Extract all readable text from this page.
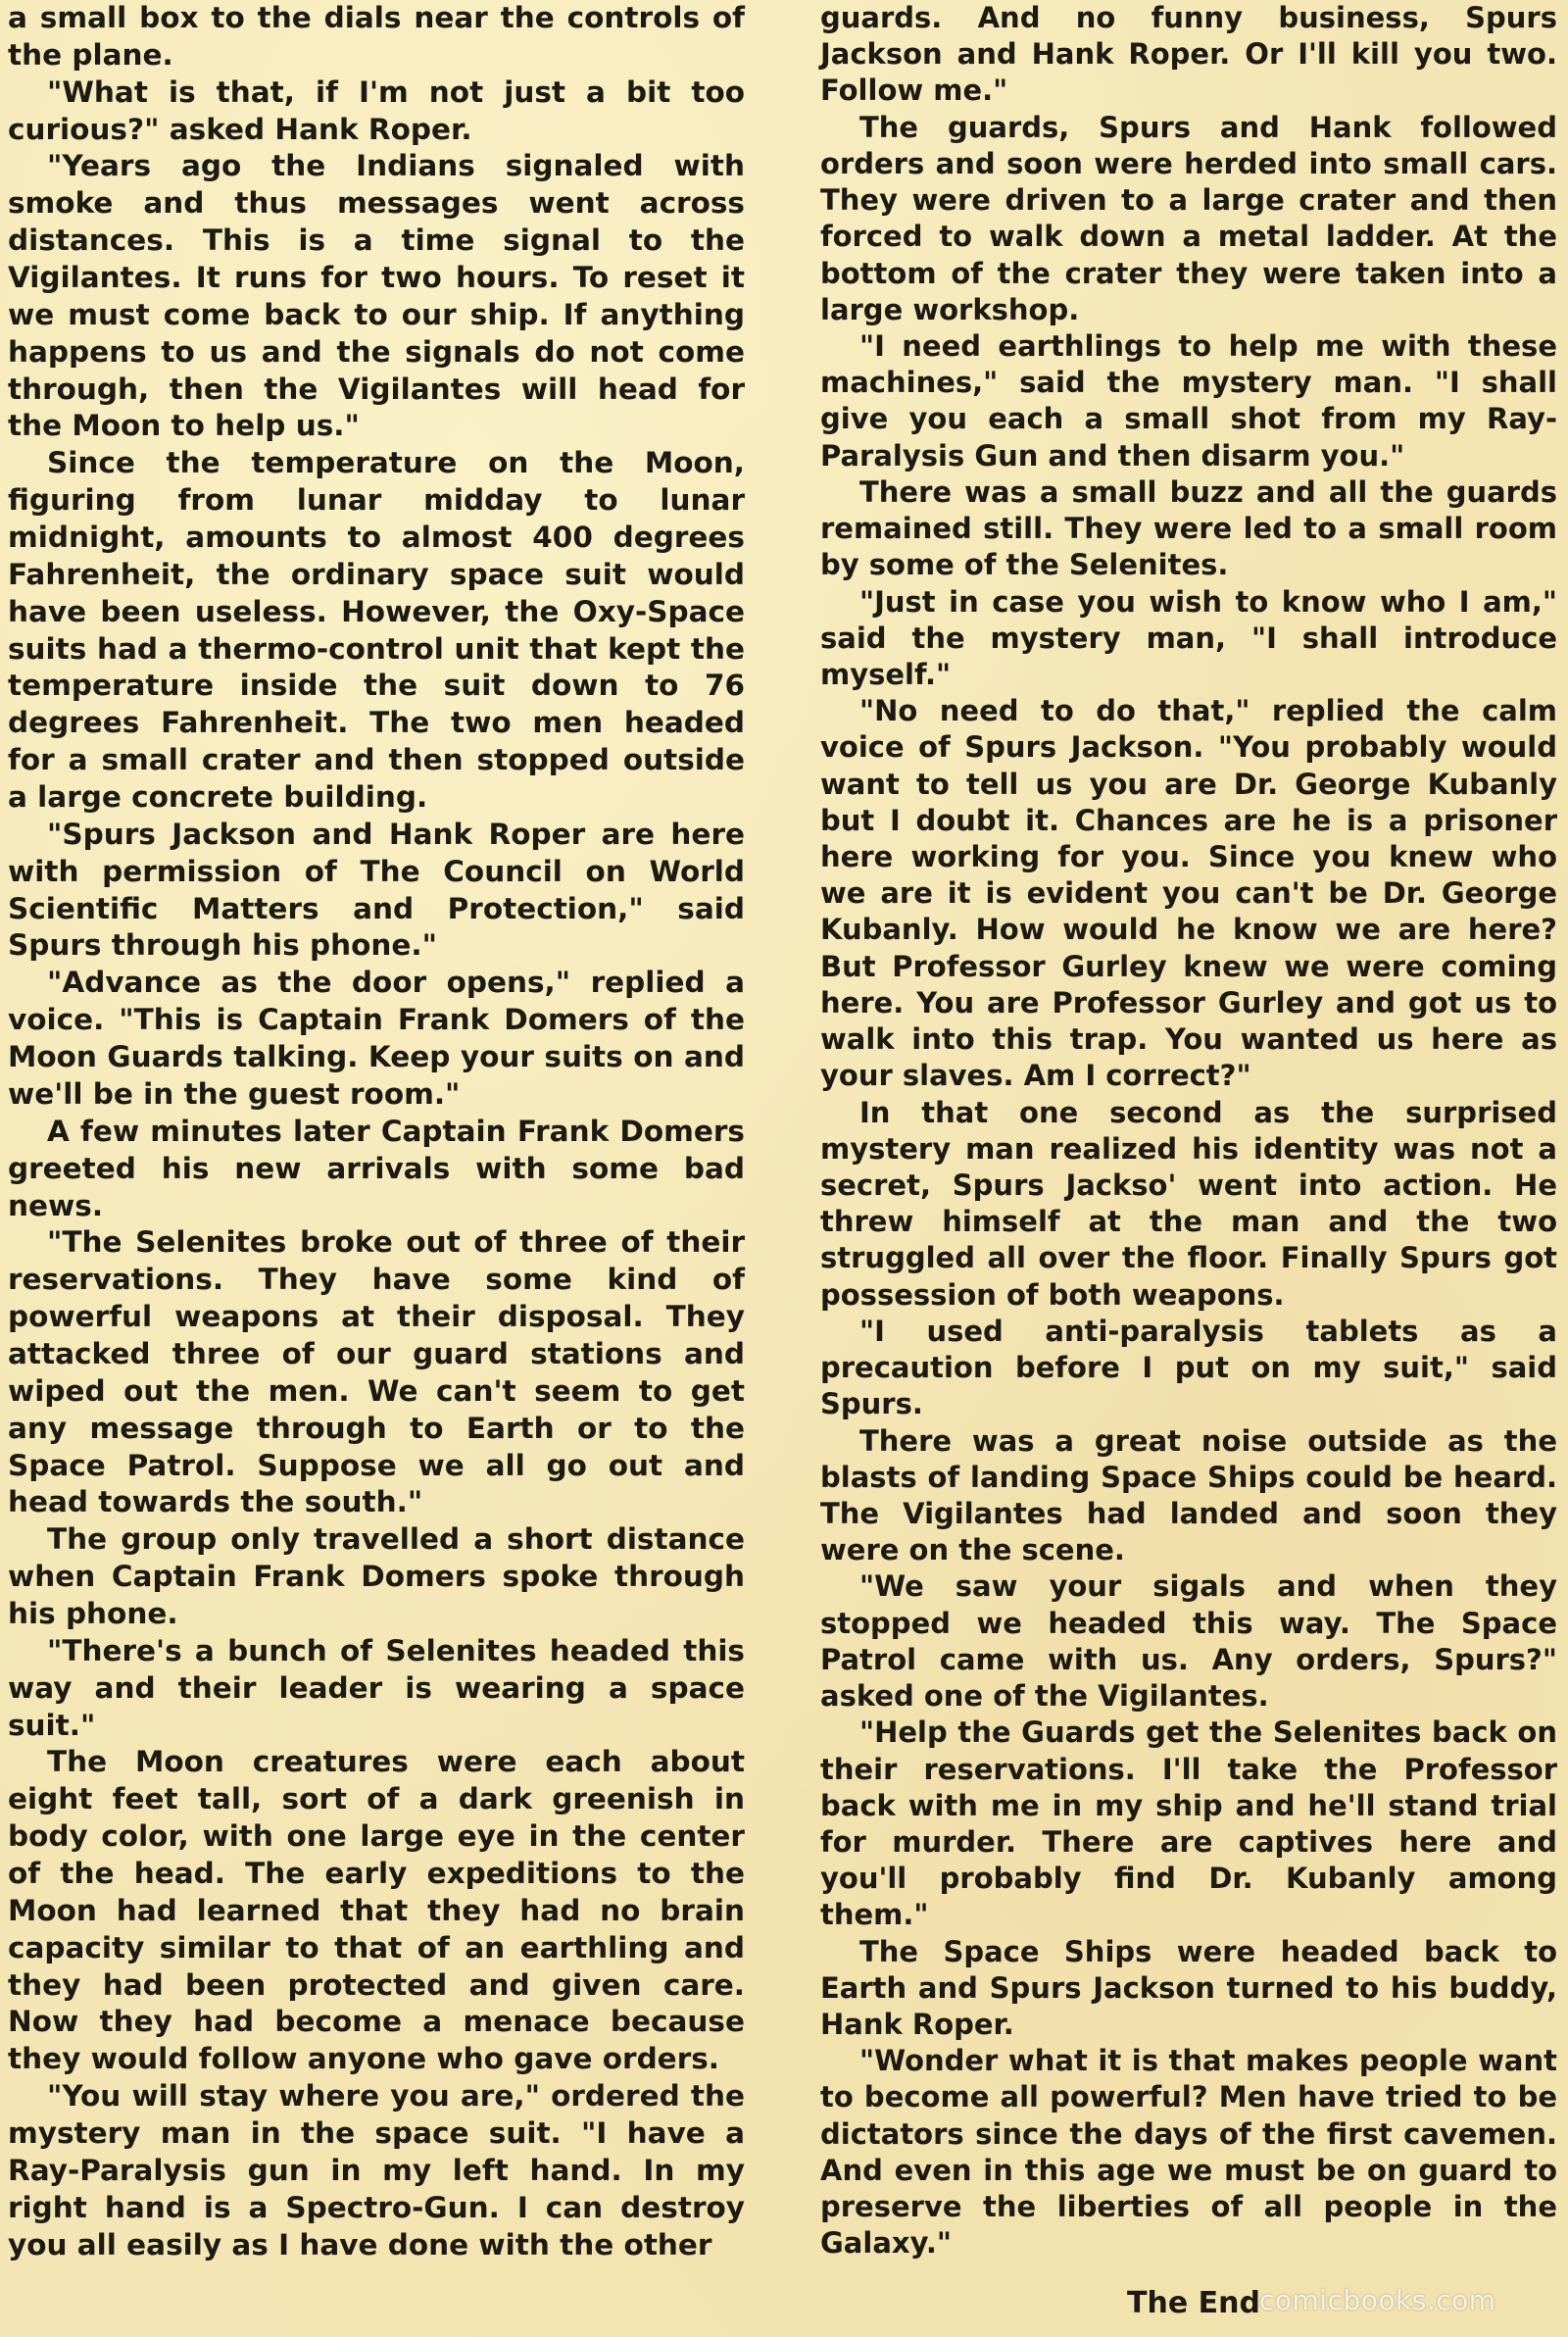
a small box to the dials near the controls of the plane.

"What is that, if I'm not just a bit too curious?" asked Hank Roper.

"Years ago the Indians signaled with smoke and thus messages went across distances. This is a time signal to the Vigilantes. It runs for two hours. To reset it we must come back to our ship. If anything happens to us and the signals do not come through, then the Vigilantes will head for the Moon to help us."

Since the temperature on the Moon, figuring from lunar midday to lunar midnight, amounts to almost 400 degrees Fahrenheit, the ordinary space suit would have been useless. However, the Oxy-Space suits had a thermo-control unit that kept the temperature inside the suit down to 76 degrees Fahrenheit. The two men headed for a small crater and then stopped outside a large concrete building.

"Spurs Jackson and Hank Roper are here with permission of The Council on World Scientific Matters and Protection," said Spurs through his phone."

"Advance as the door opens," replied a voice. "This is Captain Frank Domers of the Moon Guards talking. Keep your suits on and we'll be in the guest room."

A few minutes later Captain Frank Domers greeted his new arrivals with some bad news.

"The Selenites broke out of three of their reservations. They have some kind of powerful weapons at their disposal. They attacked three of our guard stations and wiped out the men. We can't seem to get any message through to Earth or to the Space Patrol. Suppose we all go out and head towards the south."

The group only travelled a short distance when Captain Frank Domers spoke through his phone.

"There's a bunch of Selenites headed this way and their leader is wearing a space suit."

The Moon creatures were each about eight feet tall, sort of a dark greenish in body color, with one large eye in the center of the head. The early expeditions to the Moon had learned that they had no brain capacity similar to that of an earthling and they had been protected and given care. Now they had become a menace because they would follow anyone who gave orders.

"You will stay where you are," ordered the mystery man in the space suit. "I have a Ray-Paralysis gun in my left hand. In my right hand is a Spectro-Gun. I can destroy you all easily as I have done with the other

guards. And no funny business, Spurs Jackson and Hank Roper. Or I'll kill you two. Follow me."

The guards, Spurs and Hank followed orders and soon were herded into small cars. They were driven to a large crater and then forced to walk down a metal ladder. At the bottom of the crater they were taken into a large workshop.

"I need earthlings to help me with these machines," said the mystery man. "I shall give you each a small shot from my Ray-Paralysis Gun and then disarm you."

There was a small buzz and all the guards remained still. They were led to a small room by some of the Selenites.

"Just in case you wish to know who I am," said the mystery man, "I shall introduce myself."

"No need to do that," replied the calm voice of Spurs Jackson. "You probably would want to tell us you are Dr. George Kubanly but I doubt it. Chances are he is a prisoner here working for you. Since you knew who we are it is evident you can't be Dr. George Kubanly. How would he know we are here? But Professor Gurley knew we were coming here. You are Professor Gurley and got us to walk into this trap. You wanted us here as your slaves. Am I correct?"

In that one second as the surprised mystery man realized his identity was not a secret, Spurs Jackso' went into action. He threw himself at the man and the two struggled all over the floor. Finally Spurs got possession of both weapons.

"I used anti-paralysis tablets as a precaution before I put on my suit," said Spurs.

There was a great noise outside as the blasts of landing Space Ships could be heard. The Vigilantes had landed and soon they were on the scene.

"We saw your sigals and when they stopped we headed this way. The Space Patrol came with us. Any orders, Spurs?" asked one of the Vigilantes.

"Help the Guards get the Selenites back on their reservations. I'll take the Professor back with me in my ship and he'll stand trial for murder. There are captives here and you'll probably find Dr. Kubanly among them."

The Space Ships were headed back to Earth and Spurs Jackson turned to his buddy, Hank Roper.

"Wonder what it is that makes people want to become all powerful? Men have tried to be dictators since the days of the first cavemen. And even in this age we must be on guard to preserve the liberties of all people in the Galaxy."

The End comicbooks.com
